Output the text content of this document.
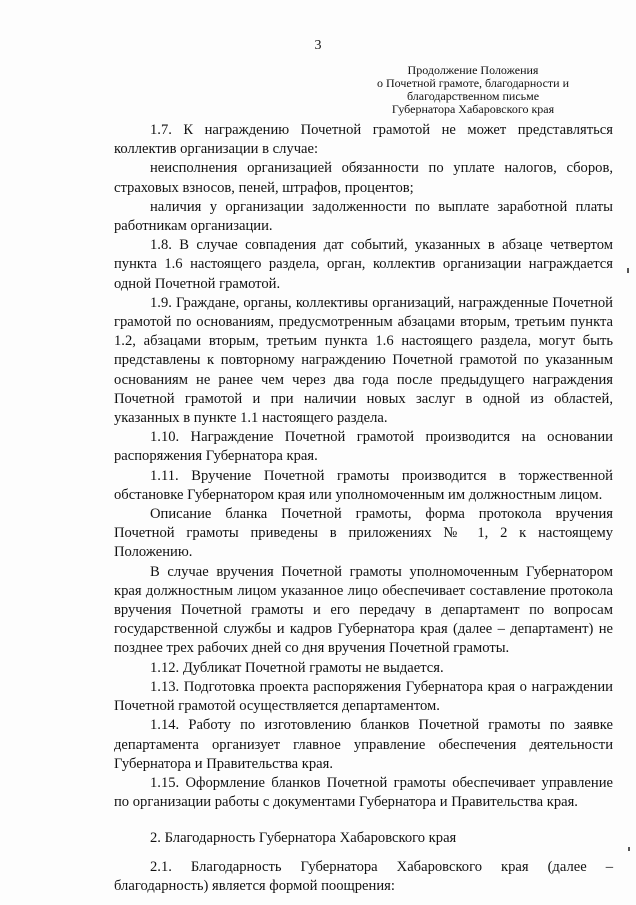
3
Продолжение Положения
о Почетной грамоте, благодарности и
благодарственном письме
Губернатора Хабаровского края

1.7. К награждению Почетной грамотой не может представляться коллектив организации в случае:

неисполнения организацией обязанности по уплате налогов, сборов, страховых взносов, пеней, штрафов, процентов;

наличия у организации задолженности по выплате заработной платы работникам организации.

1.8. В случае совпадения дат событий, указанных в абзаце четвертом пункта 1.6 настоящего раздела, орган, коллектив организации награждается одной Почетной грамотой.

1.9. Граждане, органы, коллективы организаций, награжденные Почетной грамотой по основаниям, предусмотренным абзацами вторым, третьим пункта 1.2, абзацами вторым, третьим пункта 1.6 настоящего раздела, могут быть представлены к повторному награждению Почетной грамотой по указанным основаниям не ранее чем через два года после предыдущего награждения Почетной грамотой и при наличии новых заслуг в одной из областей, указанных в пункте 1.1 настоящего раздела.

1.10. Награждение Почетной грамотой производится на основании распоряжения Губернатора края.

1.11. Вручение Почетной грамоты производится в торжественной обстановке Губернатором края или уполномоченным им должностным лицом.

Описание бланка Почетной грамоты, форма протокола вручения Почетной грамоты приведены в приложениях № 1, 2 к настоящему Положению.

В случае вручения Почетной грамоты уполномоченным Губернатором края должностным лицом указанное лицо обеспечивает составление протокола вручения Почетной грамоты и его передачу в департамент по вопросам государственной службы и кадров Губернатора края (далее – департамент) не позднее трех рабочих дней со дня вручения Почетной грамоты.

1.12. Дубликат Почетной грамоты не выдается.

1.13. Подготовка проекта распоряжения Губернатора края о награждении Почетной грамотой осуществляется департаментом.

1.14. Работу по изготовлению бланков Почетной грамоты по заявке департамента организует главное управление обеспечения деятельности Губернатора и Правительства края.

1.15. Оформление бланков Почетной грамоты обеспечивает управление по организации работы с документами Губернатора и Правительства края.

2. Благодарность Губернатора Хабаровского края

2.1. Благодарность Губернатора Хабаровского края (далее – благодарность) является формой поощрения:
